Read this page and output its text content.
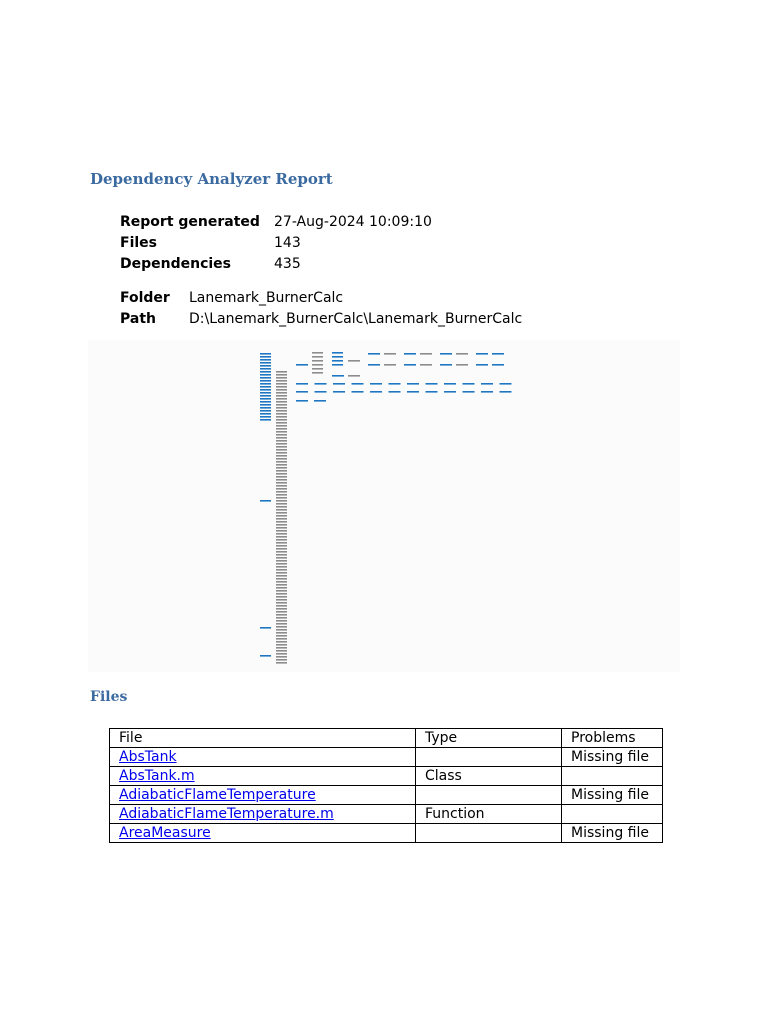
Dependency Analyzer Report
Report generated	27-Aug-2024 10:09:10
Files	143
Dependencies	435
Folder	Lanemark_BurnerCalc
Path	D:\Lanemark_BurnerCalc\Lanemark_BurnerCalc
Files
File	Type	Problems
AbsTank		Missing file
AbsTank.m	Class	
AdiabaticFlameTemperature		Missing file
AdiabaticFlameTemperature.m	Function	
AreaMeasure		Missing file
